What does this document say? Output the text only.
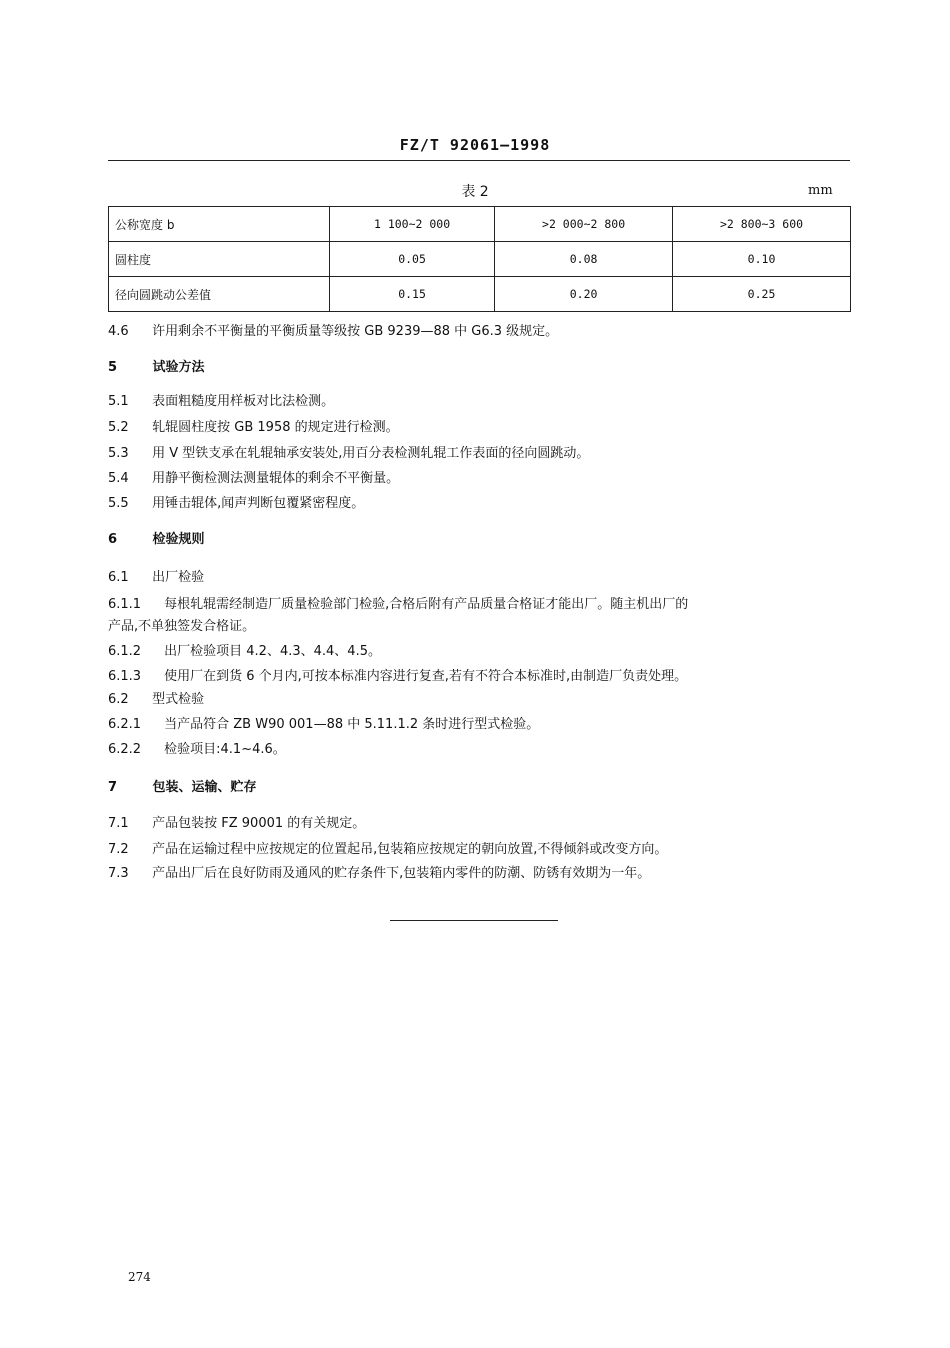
FZ/T 92061—1998
表 2	mm
公称宽度 b	1 100~2 000	>2 000~2 800	>2 800~3 600
圆柱度	0.05	0.08	0.10
径向圆跳动公差值	0.15	0.20	0.25
4.6 许用剩余不平衡量的平衡质量等级按 GB 9239—88 中 G6.3 级规定。
5	试验方法
5.1 表面粗糙度用样板对比法检测。
5.2 轧辊圆柱度按 GB 1958 的规定进行检测。
5.3 用 V 型铁支承在轧辊轴承安装处,用百分表检测轧辊工作表面的径向圆跳动。
5.4 用静平衡检测法测量辊体的剩余不平衡量。
5.5 用锤击辊体,闻声判断包覆紧密程度。
6	检验规则
6.1 出厂检验
6.1.1 每根轧辊需经制造厂质量检验部门检验,合格后附有产品质量合格证才能出厂。随主机出厂的
产品,不单独签发合格证。
6.1.2 出厂检验项目 4.2、4.3、4.4、4.5。
6.1.3 使用厂在到货 6 个月内,可按本标准内容进行复查,若有不符合本标准时,由制造厂负责处理。
6.2 型式检验
6.2.1 当产品符合 ZB W90 001—88 中 5.11.1.2 条时进行型式检验。
6.2.2 检验项目:4.1~4.6。
7	包装、运输、贮存
7.1 产品包装按 FZ 90001 的有关规定。
7.2 产品在运输过程中应按规定的位置起吊,包装箱应按规定的朝向放置,不得倾斜或改变方向。
7.3 产品出厂后在良好防雨及通风的贮存条件下,包装箱内零件的防潮、防锈有效期为一年。
274
